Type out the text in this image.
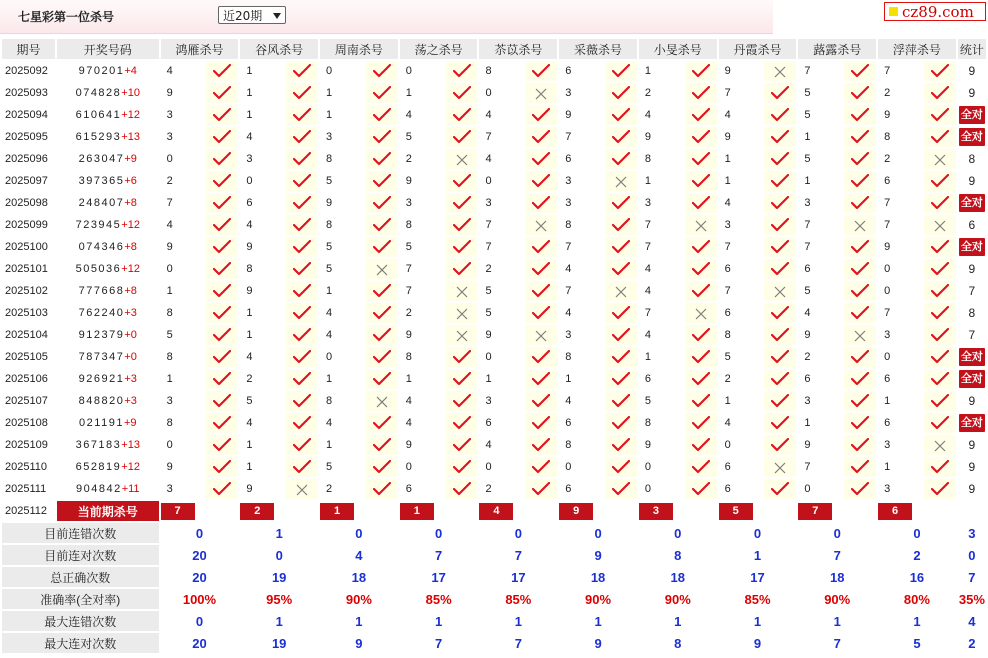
七星彩第一位杀号	近20期	cz89.com
期号	开奖号码	鸿雁杀号		谷风杀号		周南杀号		荡之杀号		苶苡杀号		采薇杀号		小旻杀号		丹霞杀号		蕗露杀号		浮萍杀号		统计
2025092	970201+4	4		1		0		0		8		6		1		9		7		7		9
2025093	074828+10	9		1		1		1		0		3		2		7		5		2		9
2025094	610641+12	3		1		1		4		4		9		4		4		5		9		全对
2025095	615293+13	3		4		3		5		7		7		9		9		1		8		全对
2025096	263047+9	0		3		8		2		4		6		8		1		5		2		8
2025097	397365+6	2		0		5		9		0		3		1		1		1		6		9
2025098	248407+8	7		6		9		3		3		3		3		4		3		7		全对
2025099	723945+12	4		4		8		8		7		8		7		3		7		7		6
2025100	074346+8	9		9		5		5		7		7		7		7		7		9		全对
2025101	505036+12	0		8		5		7		2		4		4		6		6		0		9
2025102	777668+8	1		9		1		7		5		7		4		7		5		0		7
2025103	762240+3	8		1		4		2		5		4		7		6		4		7		8
2025104	912379+0	5		1		4		9		9		3		4		8		9		3		7
2025105	787347+0	8		4		0		8		0		8		1		5		2		0		全对
2025106	926921+3	1		2		1		1		1		1		6		2		6		6		全对
2025107	848820+3	3		5		8		4		3		4		5		1		3		1		9
2025108	021191+9	8		4		4		4		6		6		8		4		1		6		全对
2025109	367183+13	0		1		1		9		4		8		9		0		9		3		9
2025110	652819+12	9		1		5		0		0		0		0		6		7		1		9
2025111	904842+11	3		9		2		6		2		6		0		6		0		3		9
2025112	当前期杀号	7		2		1		1		4		9		3		5		7		6		
目前连错次数		0		1		0		0		0		0		0		0		0		0		3
目前连对次数		20		0		4		7		7		9		8		1		7		2		0
总正确次数		20		19		18		17		17		18		18		17		18		16		7
准确率(全对率)		100%		95%		90%		85%		85%		90%		90%		85%		90%		80%		35%
最大连错次数		0		1		1		1		1		1		1		1		1		1		4
最大连对次数		20		19		9		7		7		9		8		9		7		5		2
